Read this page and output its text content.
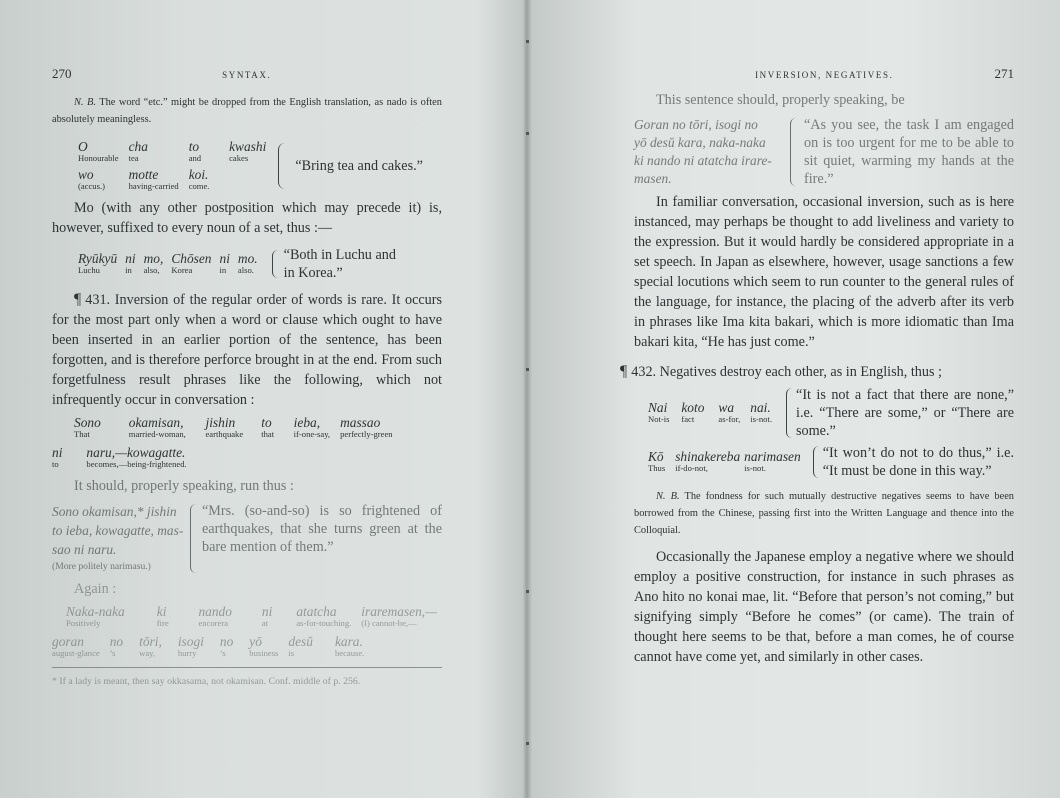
270	SYNTAX.

N. B. The word “etc.” might be dropped from the English translation, as nado is often absolutely meaningless.

O	cha	to	kwashi
Honourable	tea	and	cakes
wo	motte	koi.	
(accus.)	having-carried	come.	
“Bring tea and cakes.”

Mo (with any other postposition which may precede it) is, however, suffixed to every noun of a set, thus :—

Ryūkyū	ni	mo,	Chōsen	ni	mo.
Luchu	in	also,	Korea	in	also.
“Both in Luchu and
in Korea.”

¶ 431. Inversion of the regular order of words is rare. It occurs for the most part only when a word or clause which ought to have been inserted in an earlier portion of the sentence, has been forgotten, and is therefore perforce brought in at the end. From such forgetfulness result phrases like the following, which not infrequently occur in conversation :

Sono	okamisan,	jishin	to	ieba,	massao
That	married-woman,	earthquake	that	if-one-say,	perfectly-green
ni	naru,—kowagatte.
to	becomes,—being-frightened.

It should, properly speaking, run thus :

Sono okamisan,* jishin
to ieba, kowagatte, mas-
sao ni naru.
(More politely narimasu.)
“Mrs. (so-and-so) is so frightened of earthquakes, that she turns green at the bare mention of them.”

Again :

Naka-naka	ki	nando	ni	atatcha	iraremasen,—
Positively	fire	encorera	at	as-for-touching.	(I) cannot-be,—
goran	no	tōri,	isogi	no	yō	desŭ	kara.
august-glance	’s	way,	hurry	’s	business	is	because.

* If a lady is meant, then say okkasama, not okamisan. Conf. middle of p. 256.

INVERSION, NEGATIVES.	271

This sentence should, properly speaking, be

Goran no tōri, isogi no
yō desŭ kara, naka-naka
ki nando ni atatcha irare-
masen.
“As you see, the task I am engaged on is too urgent for me to be able to sit quiet, warming my hands at the fire.”

In familiar conversation, occasional inversion, such as is here instanced, may perhaps be thought to add liveliness and variety to the expression. But it would hardly be considered appropriate in a set speech. In Japan as elsewhere, however, usage sanctions a few special locutions which seem to run counter to the general rules of the language, for instance, the placing of the adverb after its verb in phrases like Ima kita bakari, which is more idiomatic than Ima bakari kita, “He has just come.”

¶ 432. Negatives destroy each other, as in English, thus ;

Nai	koto	wa	nai.
Not-is	fact	as-for,	is-not.
“It is not a fact that there are none,” i.e. “There are some,” or “There are some.”
Kō	shinakereba	narimasen
Thus	if-do-not,	is-not.
“It won’t do not to do thus,” i.e. “It must be done in this way.”

N. B. The fondness for such mutually destructive negatives seems to have been borrowed from the Chinese, passing first into the Written Language and thence into the Colloquial.

Occasionally the Japanese employ a negative where we should employ a positive construction, for instance in such phrases as Ano hito no konai mae, lit. “Before that person’s not coming,” but signifying simply “Before he comes” (or came). The train of thought here seems to be that, before a man comes, he of course cannot have come yet, and similarly in other cases.
